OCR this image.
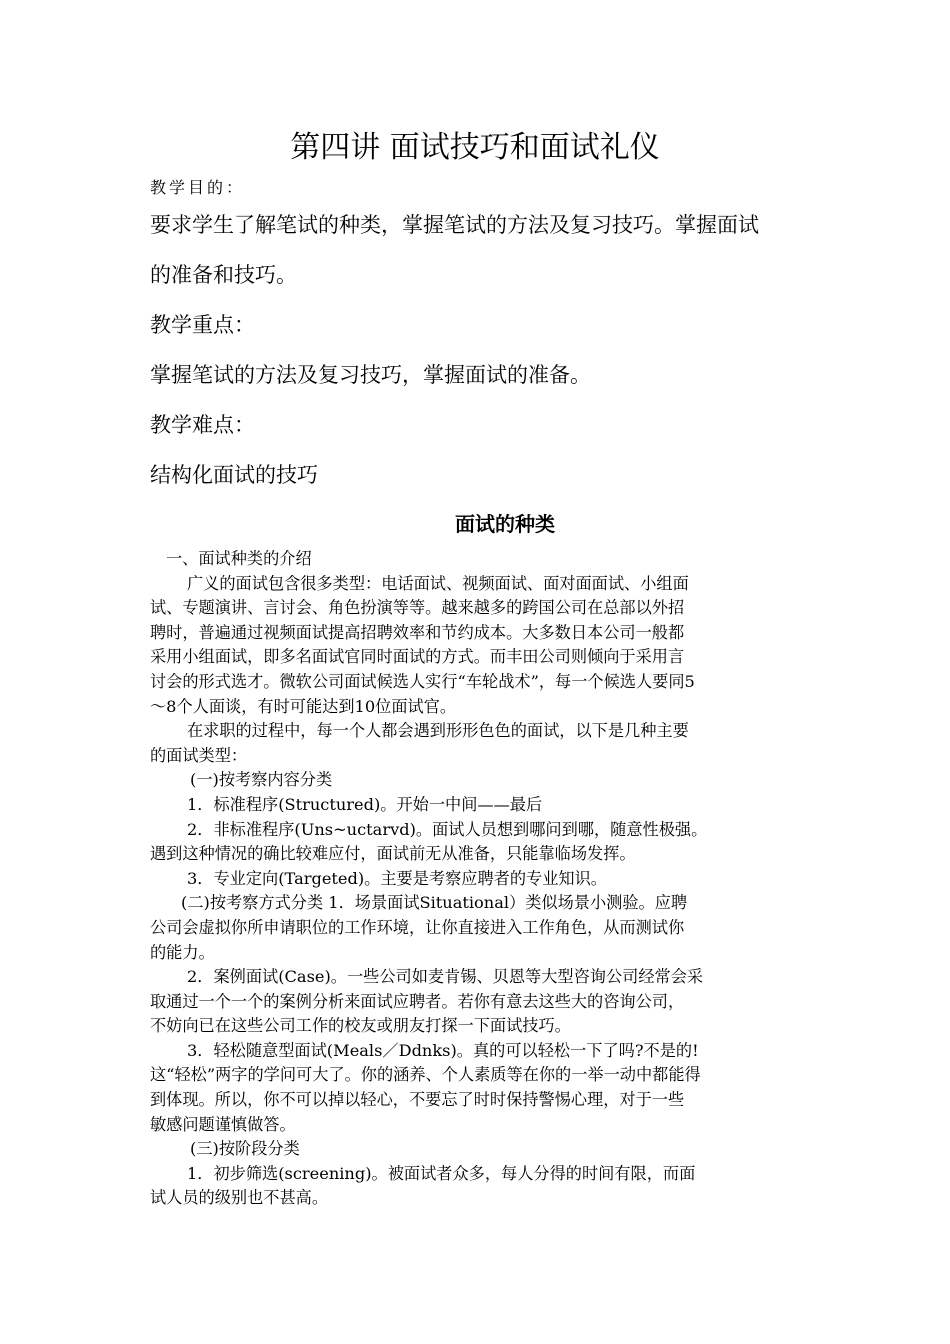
第四讲 面试技巧和面试礼仪
教学目的：
要求学生了解笔试的种类，掌握笔试的方法及复习技巧。掌握面试
的准备和技巧。
教学重点：
掌握笔试的方法及复习技巧，掌握面试的准备。
教学难点：
结构化面试的技巧
面试的种类

一、面试种类的介绍

广义的面试包含很多类型：电话面试、视频面试、面对面面试、小组面

试、专题演讲、言讨会、角色扮演等等。越来越多的跨国公司在总部以外招

聘时，普遍通过视频面试提高招聘效率和节约成本。大多数日本公司一般都

采用小组面试，即多名面试官同时面试的方式。而丰田公司则倾向于采用言

讨会的形式选才。微软公司面试候选人实行“车轮战术”，每一个候选人要同5

～8个人面谈，有时可能达到10位面试官。

在求职的过程中，每一个人都会遇到形形色色的面试，以下是几种主要

的面试类型：

(一)按考察内容分类

1．标准程序(Structured)。开始一中间——最后

2．非标准程序(Uns~uctarvd)。面试人员想到哪问到哪，随意性极强。

遇到这种情况的确比较难应付，面试前无从准备，只能靠临场发挥。

3．专业定向(Targeted)。主要是考察应聘者的专业知识。

(二)按考察方式分类 1．场景面试Situational）类似场景小测验。应聘

公司会虚拟你所申请职位的工作环境，让你直接进入工作角色，从而测试你

的能力。

2．案例面试(Case)。一些公司如麦肯锡、贝恩等大型咨询公司经常会采

取通过一个一个的案例分析来面试应聘者。若你有意去这些大的咨询公司，

不妨向已在这些公司工作的校友或朋友打探一下面试技巧。

3．轻松随意型面试(Meals／Ddnks)。真的可以轻松一下了吗?不是的!

这“轻松”两字的学问可大了。你的涵养、个人素质等在你的一举一动中都能得

到体现。所以，你不可以掉以轻心，不要忘了时时保持警惕心理，对于一些

敏感问题谨慎做答。

(三)按阶段分类

1．初步筛选(screening)。被面试者众多，每人分得的时间有限，而面

试人员的级别也不甚高。
